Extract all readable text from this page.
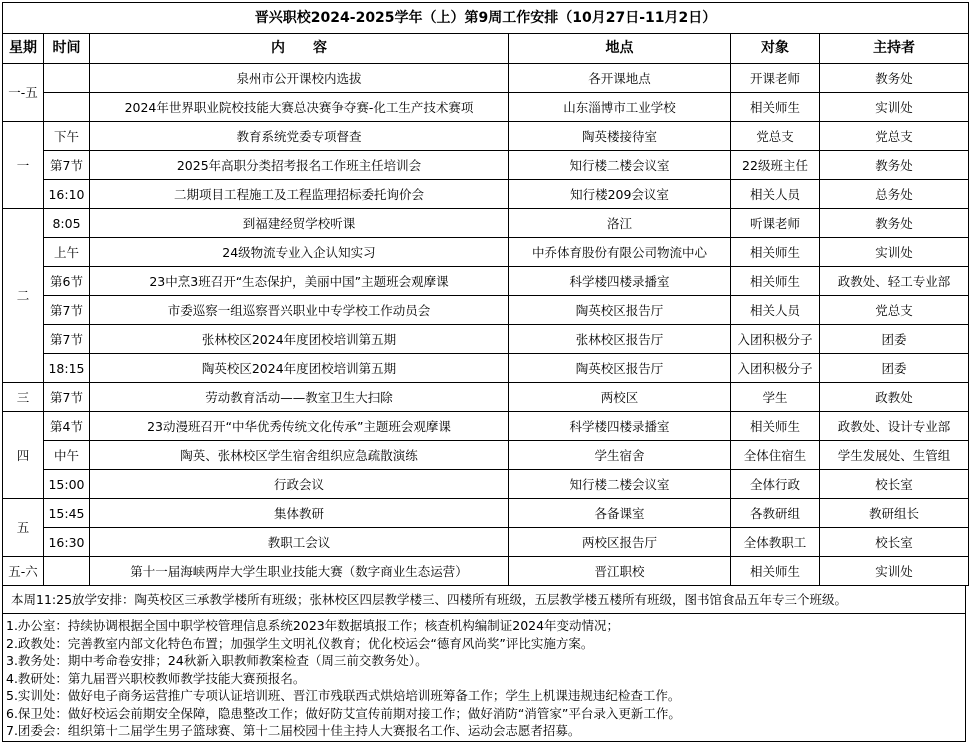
晋兴职校2024-2025学年（上）第9周工作安排（10月27日-11月2日）					
星期	时间	内　　容	地点	对象	主持者
一-五		泉州市公开课校内选拔	各开课地点	开课老师	教务处
		2024年世界职业院校技能大赛总决赛争夺赛-化工生产技术赛项	山东淄博市工业学校	相关师生	实训处
一	下午	教育系统党委专项督查	陶英楼接待室	党总支	党总支
	第7节	2025年高职分类招考报名工作班主任培训会	知行楼二楼会议室	22级班主任	教务处
	16:10	二期项目工程施工及工程监理招标委托询价会	知行楼209会议室	相关人员	总务处
二	8:05	到福建经贸学校听课	洛江	听课老师	教务处
	上午	24级物流专业入企认知实习	中乔体育股份有限公司物流中心	相关师生	实训处
	第6节	23中烹3班召开“生态保护，美丽中国”主题班会观摩课	科学楼四楼录播室	相关师生	政教处、轻工专业部
	第7节	市委巡察一组巡察晋兴职业中专学校工作动员会	陶英校区报告厅	相关人员	党总支
	第7节	张林校区2024年度团校培训第五期	张林校区报告厅	入团积极分子	团委
	18:15	陶英校区2024年度团校培训第五期	陶英校区报告厅	入团积极分子	团委
三	第7节	劳动教育活动——教室卫生大扫除	两校区	学生	政教处
四	第4节	23动漫班召开“中华优秀传统文化传承”主题班会观摩课	科学楼四楼录播室	相关师生	政教处、设计专业部
	中午	陶英、张林校区学生宿舍组织应急疏散演练	学生宿舍	全体住宿生	学生发展处、生管组
	15:00	行政会议	知行楼二楼会议室	全体行政	校长室
五	15:45	集体教研	各备课室	各教研组	教研组长
	16:30	教职工会议	两校区报告厅	全体教职工	校长室
五-六		第十一届海峡两岸大学生职业技能大赛（数字商业生态运营）	晋江职校	相关师生	实训处
本周11:25放学安排：陶英校区三承教学楼所有班级；张林校区四层教学楼三、四楼所有班级，五层教学楼五楼所有班级，图书馆食品五年专三个班级。
1.办公室：持续协调根据全国中职学校管理信息系统2023年数据填报工作；核查机构编制证2024年变动情况；
2.政教处：完善教室内部文化特色布置；加强学生文明礼仪教育；优化校运会“德育风尚奖”评比实施方案。
3.教务处：期中考命卷安排；24秋新入职教师教案检查（周三前交教务处）。
4.教研处：第九届晋兴职校教师教学技能大赛预报名。
5.实训处：做好电子商务运营推广专项认证培训班、晋江市残联西式烘焙培训班筹备工作；学生上机课违规违纪检查工作。
6.保卫处：做好校运会前期安全保障，隐患整改工作；做好防艾宣传前期对接工作；做好消防“消管家”平台录入更新工作。
7.团委会：组织第十二届学生男子篮球赛、第十二届校园十佳主持人大赛报名工作、运动会志愿者招募。
